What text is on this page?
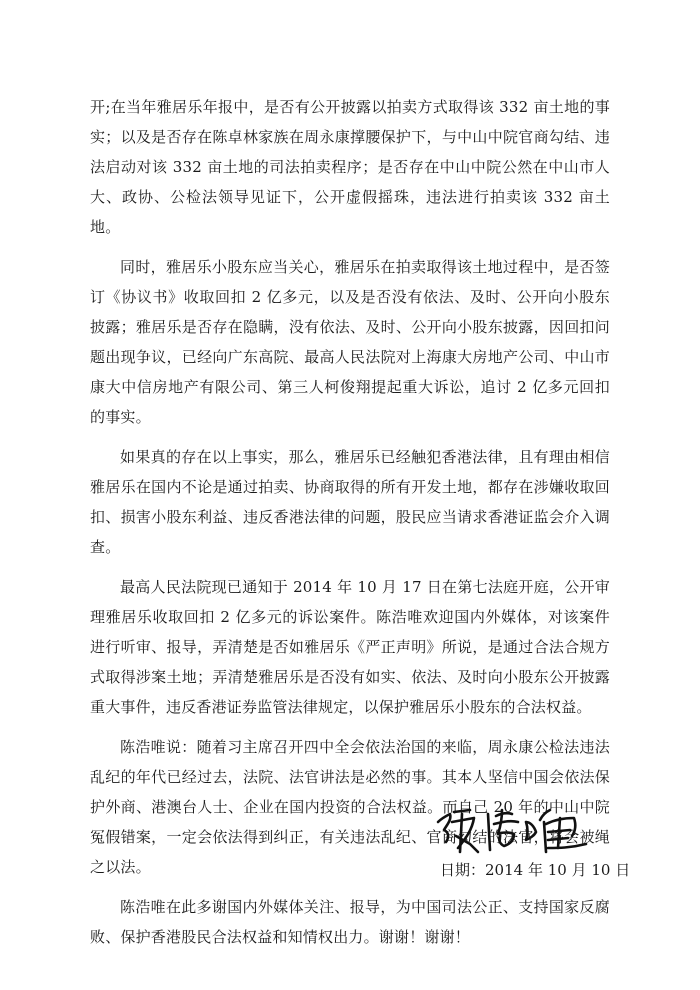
开;在当年雅居乐年报中，是否有公开披露以拍卖方式取得该 332 亩土地的事实；以及是否存在陈卓林家族在周永康撑腰保护下，与中山中院官商勾结、违法启动对该 332 亩土地的司法拍卖程序；是否存在中山中院公然在中山市人大、政协、公检法领导见证下，公开虚假摇珠，违法进行拍卖该 332 亩土地。

同时，雅居乐小股东应当关心，雅居乐在拍卖取得该土地过程中，是否签订《协议书》收取回扣 2 亿多元，以及是否没有依法、及时、公开向小股东披露；雅居乐是否存在隐瞒，没有依法、及时、公开向小股东披露，因回扣问题出现争议，已经向广东高院、最高人民法院对上海康大房地产公司、中山市康大中信房地产有限公司、第三人柯俊翔提起重大诉讼，追讨 2 亿多元回扣的事实。

如果真的存在以上事实，那么，雅居乐已经触犯香港法律，且有理由相信雅居乐在国内不论是通过拍卖、协商取得的所有开发土地，都存在涉嫌收取回扣、损害小股东利益、违反香港法律的问题，股民应当请求香港证监会介入调查。

最高人民法院现已通知于 2014 年 10 月 17 日在第七法庭开庭，公开审理雅居乐收取回扣 2 亿多元的诉讼案件。陈浩唯欢迎国内外媒体，对该案件进行听审、报导，弄清楚是否如雅居乐《严正声明》所说，是通过合法合规方式取得涉案土地；弄清楚雅居乐是否没有如实、依法、及时向小股东公开披露重大事件，违反香港证券监管法律规定，以保护雅居乐小股东的合法权益。

陈浩唯说：随着习主席召开四中全会依法治国的来临，周永康公检法违法乱纪的年代已经过去，法院、法官讲法是必然的事。其本人坚信中国会依法保护外商、港澳台人士、企业在国内投资的合法权益。而自己 20 年的中山中院冤假错案，一定会依法得到纠正，有关违法乱纪、官商勾结的法官，将会被绳之以法。

陈浩唯在此多谢国内外媒体关注、报导，为中国司法公正、支持国家反腐败、保护香港股民合法权益和知情权出力。谢谢！谢谢！

日期：2014 年 10 月 10 日
